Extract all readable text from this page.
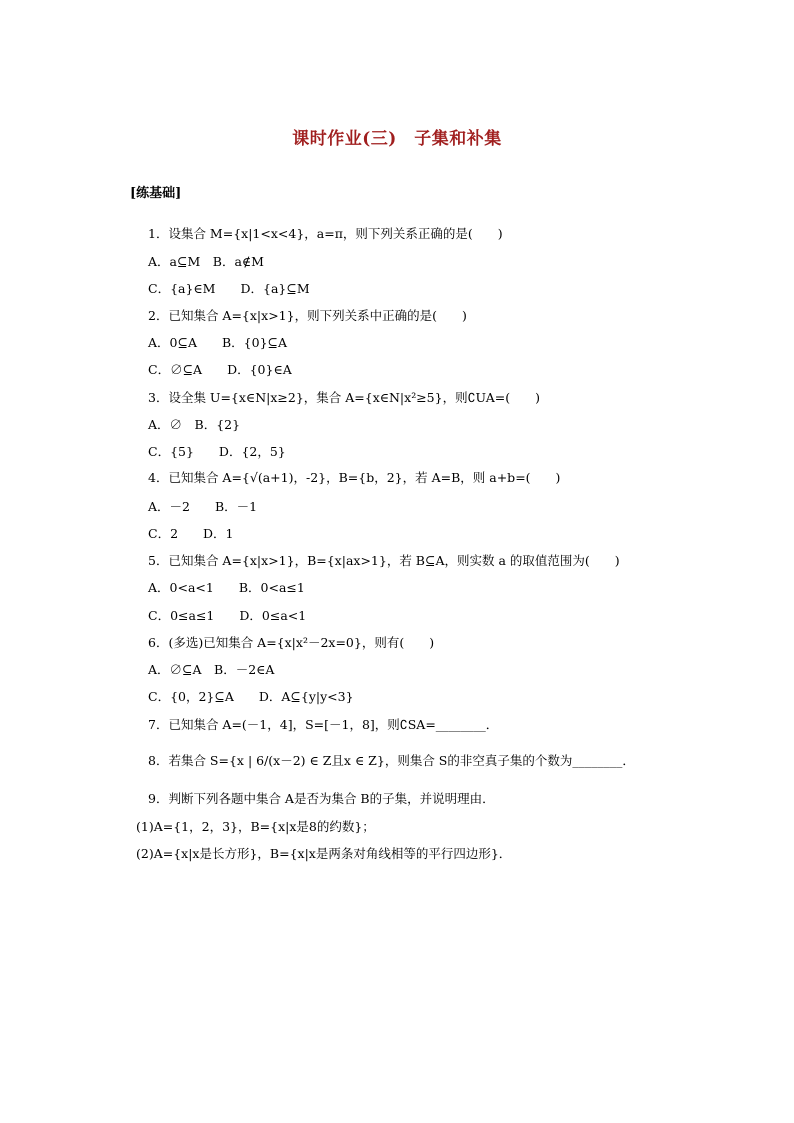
课时作业(三)　子集和补集
[练基础]
1．设集合 M={x|1<x<4}，a=π，则下列关系正确的是(　　)
A．a⊆M　B．a∉M
C．{a}∈M　　D．{a}⊆M
2．已知集合 A={x|x>1}，则下列关系中正确的是(　　)
A．0⊆A　　B．{0}⊆A
C．∅⊆A　　D．{0}∈A
3．设全集 U={x∈N|x≥2}，集合 A={x∈N|x²≥5}，则∁UA=(　　)
A．∅　B．{2}
C．{5}　　D．{2，5}
4．已知集合 A={√(a+1)，-2}，B={b，2}，若 A=B，则 a+b=(　　)
A．－2　　B．－1
C．2　　D．1
5．已知集合 A={x|x>1}，B={x|ax>1}，若 B⊆A，则实数 a 的取值范围为(　　)
A．0<a<1　　B．0<a≤1
C．0≤a≤1　　D．0≤a<1
6．(多选)已知集合 A={x|x²－2x=0}，则有(　　)
A．∅⊆A　B．－2∈A
C．{0，2}⊆A　　D．A⊆{y|y<3}
7．已知集合 A=(－1，4]，S=[－1，8]，则∁SA=________．
8．若集合 S={x | 6/(x－2) ∈ Z且x ∈ Z}，则集合 S的非空真子集的个数为________．
9．判断下列各题中集合 A是否为集合 B的子集，并说明理由．
(1)A={1，2，3}，B={x|x是8的约数}；
(2)A={x|x是长方形}，B={x|x是两条对角线相等的平行四边形}．
